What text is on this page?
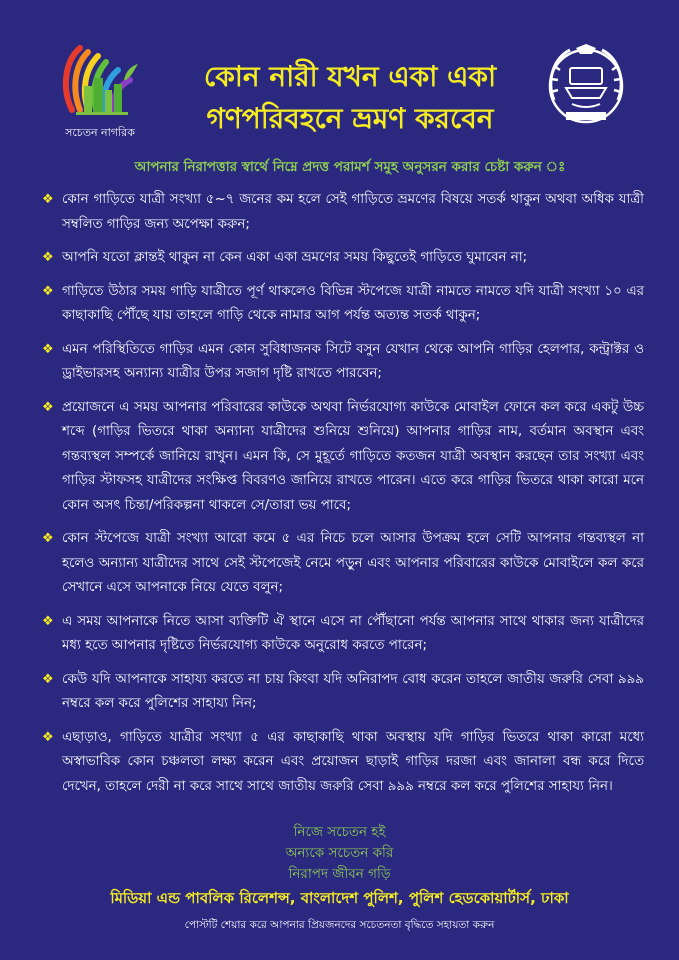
সচেতন নাগরিক
কোন নারী যখন একা একা
গণপরিবহনে ভ্রমণ করবেন
আপনার নিরাপত্তার স্বার্থে নিম্নে প্রদত্ত পরামর্শ সমুহ অনুসরন করার চেষ্টা করুন ঃ
❖ কোন গাড়িতে যাত্রী সংখ্যা ৫~৭ জনের কম হলে সেই গাড়িতে ভ্রমণের বিষয়ে সতর্ক থাকুন অথবা অধিক যাত্রী সম্বলিত গাড়ির জন্য অপেক্ষা করুন;
❖ আপনি যতো ক্লান্তই থাকুন না কেন একা একা ভ্রমণের সময় কিছুতেই গাড়িতে ঘুমাবেন না;
❖ গাড়িতে উঠার সময় গাড়ি যাত্রীতে পূর্ণ থাকলেও বিভিন্ন স্টপেজে যাত্রী নামতে নামতে যদি যাত্রী সংখ্যা ১০ এর কাছাকাছি পৌঁছে যায় তাহলে গাড়ি থেকে নামার আগ পর্যন্ত অত্যন্ত সতর্ক থাকুন;
❖ এমন পরিস্থিতিতে গাড়ির এমন কোন সুবিধাজনক সিটে বসুন যেখান থেকে আপনি গাড়ির হেলপার, কন্ট্রাক্টর ও ড্রাইভারসহ অন্যান্য যাত্রীর উপর সজাগ দৃষ্টি রাখতে পারবেন;
❖ প্রয়োজনে এ সময় আপনার পরিবারের কাউকে অথবা নির্ভরযোগ্য কাউকে মোবাইল ফোনে কল করে একটু উচ্চ শব্দে (গাড়ির ভিতরে থাকা অন্যান্য যাত্রীদের শুনিয়ে শুনিয়ে) আপনার গাড়ির নাম, বর্তমান অবস্থান এবং গন্তব্যস্থল সম্পর্কে জানিয়ে রাখুন। এমন কি, সে মুহূর্তে গাড়িতে কতজন যাত্রী অবস্থান করছেন তার সংখ্যা এবং গাড়ির স্টাফসহ যাত্রীদের সংক্ষিপ্ত বিবরণও জানিয়ে রাখতে পারেন। এতে করে গাড়ির ভিতরে থাকা কারো মনে কোন অসৎ চিন্তা/পরিকল্পনা থাকলে সে/তারা ভয় পাবে;
❖ কোন স্টপেজে যাত্রী সংখ্যা আরো কমে ৫ এর নিচে চলে আসার উপক্রম হলে সেটি আপনার গন্তব্যস্থল না হলেও অন্যান্য যাত্রীদের সাথে সেই স্টপেজেই নেমে পড়ুন এবং আপনার পরিবারের কাউকে মোবাইলে কল করে সেখানে এসে আপনাকে নিয়ে যেতে বলুন;
❖ এ সময় আপনাকে নিতে আসা ব্যক্তিটি ঐ স্থানে এসে না পৌঁছানো পর্যন্ত আপনার সাথে থাকার জন্য যাত্রীদের মধ্য হতে আপনার দৃষ্টিতে নির্ভরযোগ্য কাউকে অনুরোধ করতে পারেন;
❖ কেউ যদি আপনাকে সাহায্য করতে না চায় কিংবা যদি অনিরাপদ বোধ করেন তাহলে জাতীয় জরুরি সেবা ৯৯৯ নম্বরে কল করে পুলিশের সাহায্য নিন;
❖ এছাড়াও, গাড়িতে যাত্রীর সংখ্যা ৫ এর কাছাকাছি থাকা অবস্থায় যদি গাড়ির ভিতরে থাকা কারো মধ্যে অস্বাভাবিক কোন চঞ্চলতা লক্ষ্য করেন এবং প্রয়োজন ছাড়াই গাড়ির দরজা এবং জানালা বন্ধ করে দিতে দেখেন, তাহলে দেরী না করে সাথে সাথে জাতীয় জরুরি সেবা ৯৯৯ নম্বরে কল করে পুলিশের সাহায্য নিন।
নিজে সচেতন হই
অন্যকে সচেতন করি
নিরাপদ জীবন গড়ি
মিডিয়া এন্ড পাবলিক রিলেশন্স, বাংলাদেশ পুলিশ, পুলিশ হেডকোয়ার্টার্স, ঢাকা
পোস্টটি শেয়ার করে আপনার প্রিয়জনদের সচেতনতা বৃদ্ধিতে সহায়তা করুন
